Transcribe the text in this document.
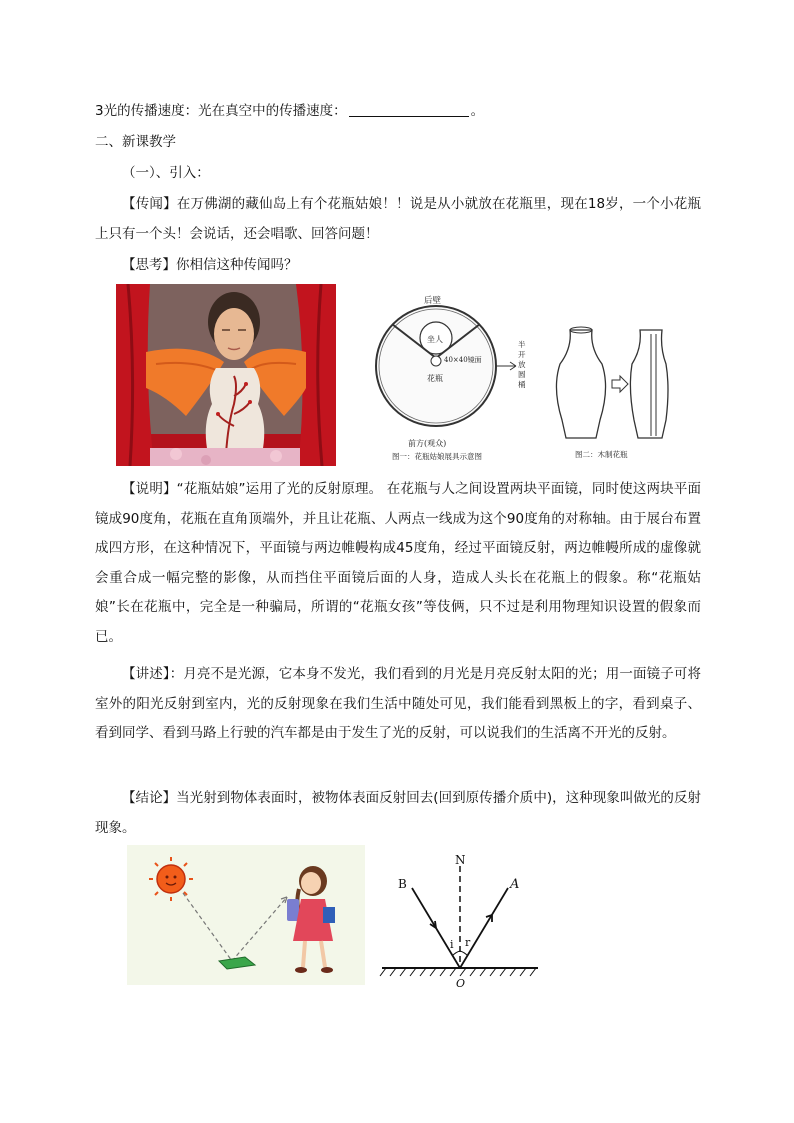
3光的传播速度：光在真空中的传播速度：	。
二、新课教学
（一）、引入：
【传闻】在万佛湖的藏仙岛上有个花瓶姑娘！！说是从小就放在花瓶里，现在18岁，一个小花瓶上只有一个头！会说话，还会唱歌、回答问题！
【思考】你相信这种传闻吗？
后壁
坐人
40×40镜面
花瓶
半
开
放
圆
桶
前方(观众)
图一：花瓶姑娘展具示意图	图二：木制花瓶
【说明】“花瓶姑娘”运用了光的反射原理。 在花瓶与人之间设置两块平面镜，同时使这两块平面镜成90度角，花瓶在直角顶端外，并且让花瓶、人两点一线成为这个90度角的对称轴。由于展台布置成四方形，在这种情况下，平面镜与两边帷幔构成45度角，经过平面镜反射，两边帷幔所成的虚像就会重合成一幅完整的影像，从而挡住平面镜后面的人身，造成人头长在花瓶上的假象。称“花瓶姑娘”长在花瓶中，完全是一种骗局，所谓的“花瓶女孩”等伎俩，只不过是利用物理知识设置的假象而已。
【讲述】：月亮不是光源，它本身不发光，我们看到的月光是月亮反射太阳的光；用一面镜子可将室外的阳光反射到室内，光的反射现象在我们生活中随处可见，我们能看到黑板上的字，看到桌子、看到同学、看到马路上行驶的汽车都是由于发生了光的反射，可以说我们的生活离不开光的反射。
【结论】当光射到物体表面时，被物体表面反射回去(回到原传播介质中)，这种现象叫做光的反射现象。
N
B	A
i r
O
